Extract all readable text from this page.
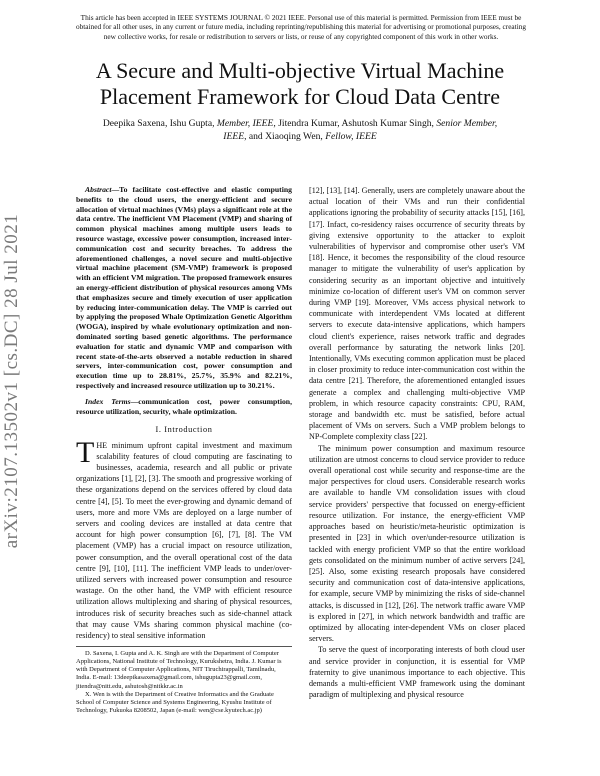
This article has been accepted in IEEE SYSTEMS JOURNAL © 2021 IEEE. Personal use of this material is permitted. Permission from IEEE must be obtained for all other uses, in any current or future media, including reprinting/republishing this material for advertising or promotional purposes, creating new collective works, for resale or redistribution to servers or lists, or reuse of any copyrighted component of this work in other works.
arXiv:2107.13502v1 [cs.DC] 28 Jul 2021
A Secure and Multi-objective Virtual Machine Placement Framework for Cloud Data Centre
Deepika Saxena, Ishu Gupta, Member, IEEE, Jitendra Kumar, Ashutosh Kumar Singh, Senior Member,
IEEE, and Xiaoqing Wen, Fellow, IEEE

Abstract—To facilitate cost-effective and elastic computing benefits to the cloud users, the energy-efficient and secure allocation of virtual machines (VMs) plays a significant role at the data centre. The inefficient VM Placement (VMP) and sharing of common physical machines among multiple users leads to resource wastage, excessive power consumption, increased inter-communication cost and security breaches. To address the aforementioned challenges, a novel secure and multi-objective virtual machine placement (SM-VMP) framework is proposed with an efficient VM migration. The proposed framework ensures an energy-efficient distribution of physical resources among VMs that emphasizes secure and timely execution of user application by reducing inter-communication delay. The VMP is carried out by applying the proposed Whale Optimization Genetic Algorithm (WOGA), inspired by whale evolutionary optimization and non-dominated sorting based genetic algorithms. The performance evaluation for static and dynamic VMP and comparison with recent state-of-the-arts observed a notable reduction in shared servers, inter-communication cost, power consumption and execution time up to 28.81%, 25.7%, 35.9% and 82.21%, respectively and increased resource utilization up to 30.21%.

Index Terms—communication cost, power consumption, resource utilization, security, whale optimization.

I. Introduction

THE minimum upfront capital investment and maximum scalability features of cloud computing are fascinating to businesses, academia, research and all public or private organizations [1], [2], [3]. The smooth and progressive working of these organizations depend on the services offered by cloud data centre [4], [5]. To meet the ever-growing and dynamic demand of users, more and more VMs are deployed on a large number of servers and cooling devices are installed at data centre that account for high power consumption [6], [7], [8]. The VM placement (VMP) has a crucial impact on resource utilization, power consumption, and the overall operational cost of the data centre [9], [10], [11]. The inefficient VMP leads to under/over-utilized servers with increased power consumption and resource wastage. On the other hand, the VMP with efficient resource utilization allows multiplexing and sharing of physical resources, introduces risk of security breaches such as side-channel attack that may cause VMs sharing common physical machine (co-residency) to steal sensitive information

D. Saxena, I. Gupta and A. K. Singh are with the Department of Computer Applications, National Institute of Technology, Kurukshetra, India. J. Kumar is with Department of Computer Applications, NIT Tiruchirappalli, Tamilnadu, India. E-mail: 13deepikasaxena@gmail.com, ishugupta23@gmail.com, jitendra@nitt.edu, ashutosh@nitkkr.ac.in

X. Wen is with the Department of Creative Informatics and the Graduate School of Computer Science and Systems Engineering, Kyushu Institute of Technology, Fukuoka 8208502, Japan (e-mail: wen@cse.kyutech.ac.jp)

[12], [13], [14]. Generally, users are completely unaware about the actual location of their VMs and run their confidential applications ignoring the probability of security attacks [15], [16], [17]. Infact, co-residency raises occurrence of security threats by giving extensive opportunity to the attacker to exploit vulnerabilities of hypervisor and compromise other user's VM [18]. Hence, it becomes the responsibility of the cloud resource manager to mitigate the vulnerability of user's application by considering security as an important objective and intuitively minimize co-location of different user's VM on common server during VMP [19]. Moreover, VMs access physical network to communicate with interdependent VMs located at different servers to execute data-intensive applications, which hampers cloud client's experience, raises network traffic and degrades overall performance by saturating the network links [20]. Intentionally, VMs executing common application must be placed in closer proximity to reduce inter-communication cost within the data centre [21]. Therefore, the aforementioned entangled issues generate a complex and challenging multi-objective VMP problem, in which resource capacity constraints: CPU, RAM, storage and bandwidth etc. must be satisfied, before actual placement of VMs on servers. Such a VMP problem belongs to NP-Complete complexity class [22].

The minimum power consumption and maximum resource utilization are utmost concerns to cloud service provider to reduce overall operational cost while security and response-time are the major perspectives for cloud users. Considerable research works are available to handle VM consolidation issues with cloud service providers' perspective that focussed on energy-efficient resource utilization. For instance, the energy-efficient VMP approaches based on heuristic/meta-heuristic optimization is presented in [23] in which over/under-resource utilization is tackled with energy proficient VMP so that the entire workload gets consolidated on the minimum number of active servers [24], [25]. Also, some existing research proposals have considered security and communication cost of data-intensive applications, for example, secure VMP by minimizing the risks of side-channel attacks, is discussed in [12], [26]. The network traffic aware VMP is explored in [27], in which network bandwidth and traffic are optimized by allocating inter-dependent VMs on closer placed servers.

To serve the quest of incorporating interests of both cloud user and service provider in conjunction, it is essential for VMP fraternity to give unanimous importance to each objective. This demands a multi-efficient VMP framework using the dominant paradigm of multiplexing and physical resource
